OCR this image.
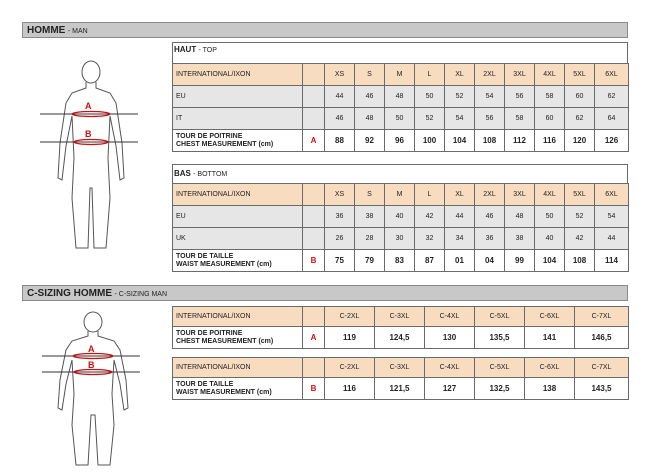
HOMME - MAN
A
B
HAUT - TOP
INTERNATIONAL/IXON		XS	S	M	L	XL	2XL	3XL	4XL	5XL	6XL
EU		44	46	48	50	52	54	56	58	60	62
IT		46	48	50	52	54	56	58	60	62	64

TOUR DE POITRINE
CHEST MEASUREMENT (cm)	A	88	92	96	100	104	108	112	116	120	126
BAS - BOTTOM
INTERNATIONAL/IXON		XS	S	M	L	XL	2XL	3XL	4XL	5XL	6XL
EU		36	38	40	42	44	46	48	50	52	54
UK		26	28	30	32	34	36	38	40	42	44

TOUR DE TAILLE
WAIST MEASUREMENT (cm)	B	75	79	83	87	01	04	99	104	108	114
C-SIZING HOMME - C-SIZING MAN
A
B
INTERNATIONAL/IXON		C-2XL	C-3XL	C-4XL	C-5XL	C-6XL	C-7XL

TOUR DE POITRINE
CHEST MEASUREMENT (cm)	A	119	124,5	130	135,5	141	146,5
INTERNATIONAL/IXON		C-2XL	C-3XL	C-4XL	C-5XL	C-6XL	C-7XL

TOUR DE TAILLE
WAIST MEASUREMENT (cm)	B	116	121,5	127	132,5	138	143,5
